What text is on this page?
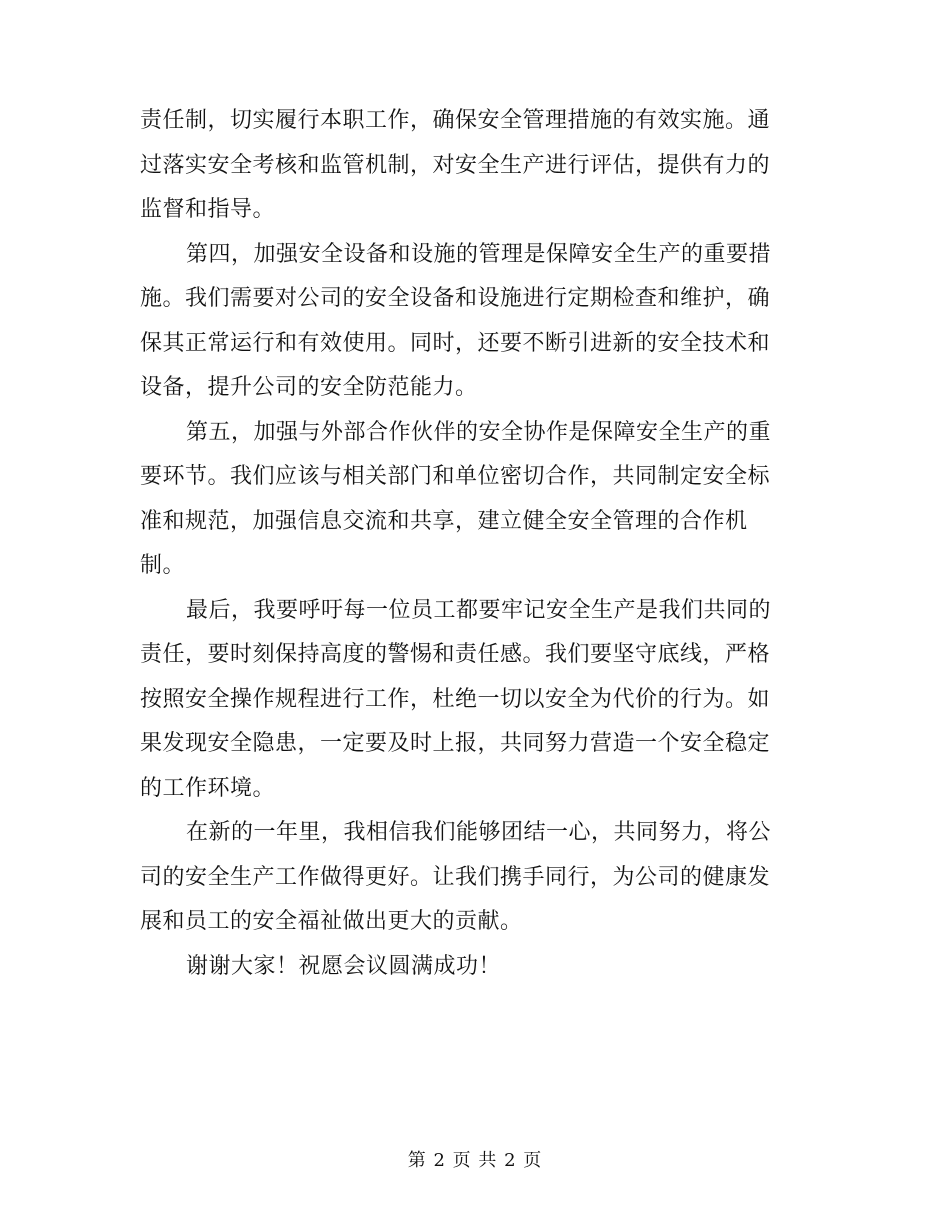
责任制，切实履行本职工作，确保安全管理措施的有效实施。通
过落实安全考核和监管机制，对安全生产进行评估，提供有力的
监督和指导。
第四，加强安全设备和设施的管理是保障安全生产的重要措
施。我们需要对公司的安全设备和设施进行定期检查和维护，确
保其正常运行和有效使用。同时，还要不断引进新的安全技术和
设备，提升公司的安全防范能力。
第五，加强与外部合作伙伴的安全协作是保障安全生产的重
要环节。我们应该与相关部门和单位密切合作，共同制定安全标
准和规范，加强信息交流和共享，建立健全安全管理的合作机
制。
最后，我要呼吁每一位员工都要牢记安全生产是我们共同的
责任，要时刻保持高度的警惕和责任感。我们要坚守底线，严格
按照安全操作规程进行工作，杜绝一切以安全为代价的行为。如
果发现安全隐患，一定要及时上报，共同努力营造一个安全稳定
的工作环境。
在新的一年里，我相信我们能够团结一心，共同努力，将公
司的安全生产工作做得更好。让我们携手同行，为公司的健康发
展和员工的安全福祉做出更大的贡献。
谢谢大家！祝愿会议圆满成功！
第 2 页 共 2 页
